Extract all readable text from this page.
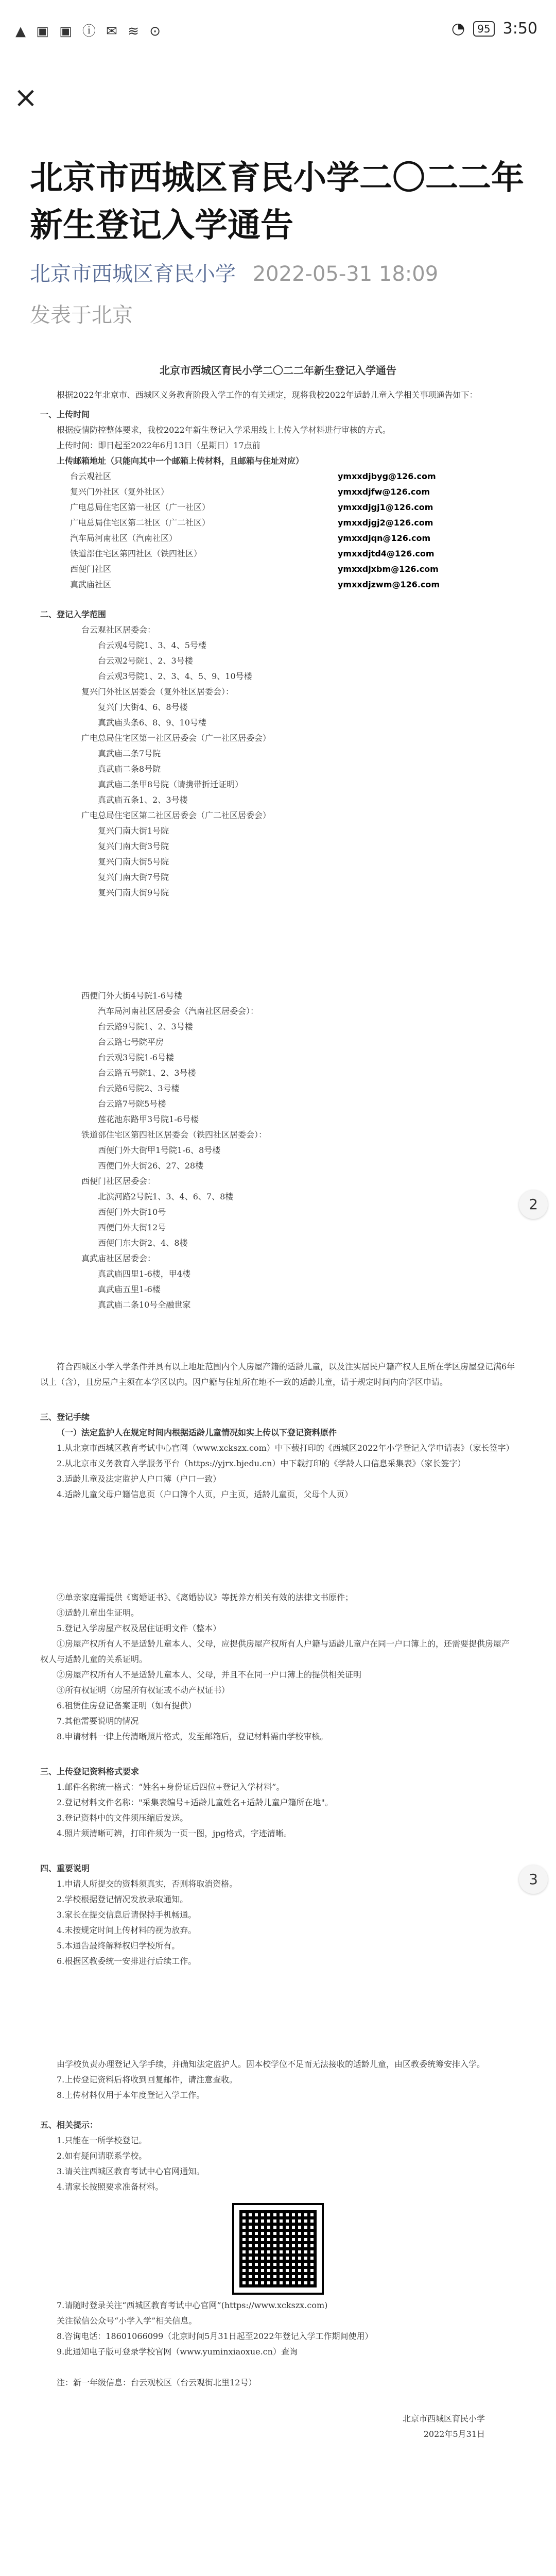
▲ ▣ ▣ ⓘ ✉ ≋ ⊙	◔	95 3:50
×
北京市西城区育民小学二〇二二年新生登记入学通告
北京市西城区育民小学 2022-05-31 18:09
发表于北京

北京市西城区育民小学二〇二二年新生登记入学通告

根据2022年北京市、西城区义务教育阶段入学工作的有关规定，现将我校2022年适龄儿童入学相关事项通告如下：

一、上传时间

根据疫情防控整体要求，我校2022年新生登记入学采用线上上传入学材料进行审核的方式。

上传时间：即日起至2022年6月13日（星期日）17点前

上传邮箱地址（只能向其中一个邮箱上传材料，且邮箱与住址对应）

台云观社区	ymxxdjbyg@126.com

复兴门外社区（复外社区）	ymxxdjfw@126.com

广电总局住宅区第一社区（广一社区）	ymxxdjgj1@126.com

广电总局住宅区第二社区（广二社区）	ymxxdjgj2@126.com

汽车局河南社区（汽南社区）	ymxxdjqn@126.com

铁道部住宅区第四社区（铁四社区）	ymxxdjtd4@126.com

西便门社区	ymxxdjxbm@126.com

真武庙社区	ymxxdjzwm@126.com

二、登记入学范围

台云观社区居委会：

台云观4号院1、3、4、5号楼

台云观2号院1、2、3号楼

台云观3号院1、2、3、4、5、9、10号楼

复兴门外社区居委会（复外社区居委会）：

复兴门大街4、6、8号楼

真武庙头条6、8、9、10号楼

广电总局住宅区第一社区居委会（广一社区居委会）

真武庙二条7号院

真武庙二条8号院

真武庙二条甲8号院（请携带折迁证明）

真武庙五条1、2、3号楼

广电总局住宅区第二社区居委会（广二社区居委会）

复兴门南大街1号院

复兴门南大街3号院

复兴门南大街5号院

复兴门南大街7号院

复兴门南大街9号院

西便门外大街4号院1-6号楼

汽车局河南社区居委会（汽南社区居委会）：

台云路9号院1、2、3号楼

台云路七号院平房

台云观3号院1-6号楼

台云路五号院1、2、3号楼

台云路6号院2、3号楼

台云路7号院5号楼

莲花池东路甲3号院1-6号楼

铁道部住宅区第四社区居委会（铁四社区居委会）：

西便门外大街甲1号院1-6、8号楼

西便门外大街26、27、28楼

西便门社区居委会：

北滨河路2号院1、3、4、6、7、8楼

西便门外大街10号

西便门外大街12号

西便门东大街2、4、8楼

真武庙社区居委会：

真武庙四里1-6楼，甲4楼

真武庙五里1-6楼

真武庙二条10号全融世家

符合西城区小学入学条件并具有以上地址范围内个人房屋产籍的适龄儿童，以及注实居民户籍产权人且所在学区房屋登记满6年以上（含），且房屋户主须在本学区以内。因户籍与住址所在地不一致的适龄儿童，请于规定时间内向学区申请。

三、登记手续

（一）法定监护人在规定时间内根据适龄儿童情况如实上传以下登记资料原件

1.从北京市西城区教育考试中心官网（www.xckszx.com）中下载打印的《西城区2022年小学登记入学申请表》（家长签字）

2.从北京市义务教育入学服务平台（https://yjrx.bjedu.cn）中下载打印的《学龄人口信息采集表》（家长签字）

3.适龄儿童及法定监护人户口簿（户口一致）

4.适龄儿童父母户籍信息页（户口簿个人页，户主页，适龄儿童页，父母个人页）

②单亲家庭需提供《离婚证书》、《离婚协议》等抚养方相关有效的法律文书原件；

③适龄儿童出生证明。

5.登记入学房屋产权及居住证明文件（整本）

①房屋产权所有人不是适龄儿童本人、父母，应提供房屋产权所有人户籍与适龄儿童户在同一户口簿上的，还需要提供房屋产权人与适龄儿童的关系证明。

②房屋产权所有人不是适龄儿童本人、父母，并且不在同一户口簿上的提供相关证明

③所有权证明（房屋所有权证或不动产权证书）

6.租赁住房登记备案证明（如有提供）

7.其他需要说明的情况

8.申请材料一律上传清晰照片格式，发至邮箱后，登记材料需由学校审核。

三、上传登记资料格式要求

1.邮件名称统一格式：“姓名+身份证后四位+登记入学材料”。

2.登记材料文件名称："采集表编号+适龄儿童姓名+适龄儿童户籍所在地"。

3.登记资料中的文件须压缩后发送。

4.照片须清晰可辨，打印件须为一页一图，jpg格式，字迹清晰。

四、重要说明

1.申请人所提交的资料须真实，否则将取消资格。

2.学校根据登记情况发放录取通知。

3.家长在提交信息后请保持手机畅通。

4.未按规定时间上传材料的视为放弃。

5.本通告最终解释权归学校所有。

6.根据区教委统一安排进行后续工作。

由学校负责办理登记入学手续，并确知法定监护人。因本校学位不足而无法接收的适龄儿童，由区教委统筹安排入学。

7.上传登记资料后将收到回复邮件，请注意查收。

8.上传材料仅用于本年度登记入学工作。

五、相关提示：

1.只能在一所学校登记。

2.如有疑问请联系学校。

3.请关注西城区教育考试中心官网通知。

4.请家长按照要求准备材料。

7.请随时登录关注“西城区教育考试中心官网”(https://www.xckszx.com)

关注微信公众号“小学入学”相关信息。

8.咨询电话：18601066099（北京时间5月31日起至2022年登记入学工作期间使用）

9.此通知电子版可登录学校官网（www.yuminxiaoxue.cn）查询

注：新一年级信息：台云观校区（台云观街北里12号）

北京市西城区育民小学

2022年5月31日

2
3
